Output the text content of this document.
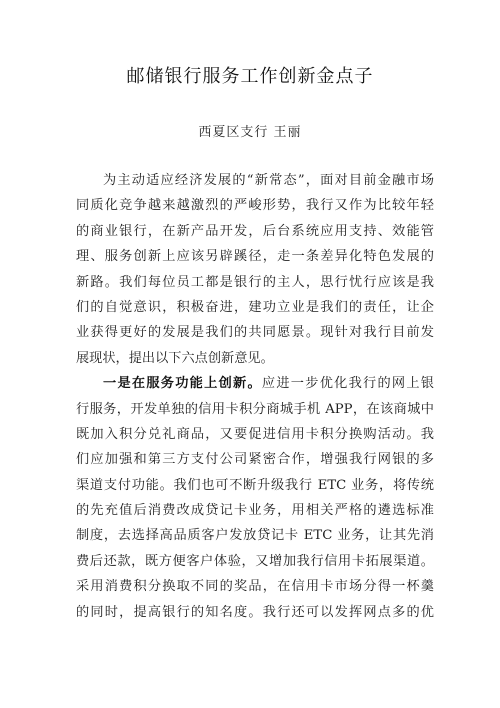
邮储银行服务工作创新金点子
西夏区支行 王丽
为主动适应经济发展的“新常态”，面对目前金融市场
同质化竞争越来越激烈的严峻形势，我行又作为比较年轻
的商业银行，在新产品开发，后台系统应用支持、效能管
理、服务创新上应该另辟蹊径，走一条差异化特色发展的
新路。我们每位员工都是银行的主人，思行忧行应该是我
们的自觉意识，积极奋进，建功立业是我们的责任，让企
业获得更好的发展是我们的共同愿景。现针对我行目前发
展现状，提出以下六点创新意见。
一是在服务功能上创新。应进一步优化我行的网上银
行服务，开发单独的信用卡积分商城手机 APP，在该商城中
既加入积分兑礼商品，又要促进信用卡积分换购活动。我
们应加强和第三方支付公司紧密合作，增强我行网银的多
渠道支付功能。我们也可不断升级我行 ETC 业务，将传统
的先充值后消费改成贷记卡业务，用相关严格的遴选标准
制度，去选择高品质客户发放贷记卡 ETC 业务，让其先消
费后还款，既方便客户体验，又增加我行信用卡拓展渠道。
采用消费积分换取不同的奖品，在信用卡市场分得一杯羹
的同时，提高银行的知名度。我行还可以发挥网点多的优
